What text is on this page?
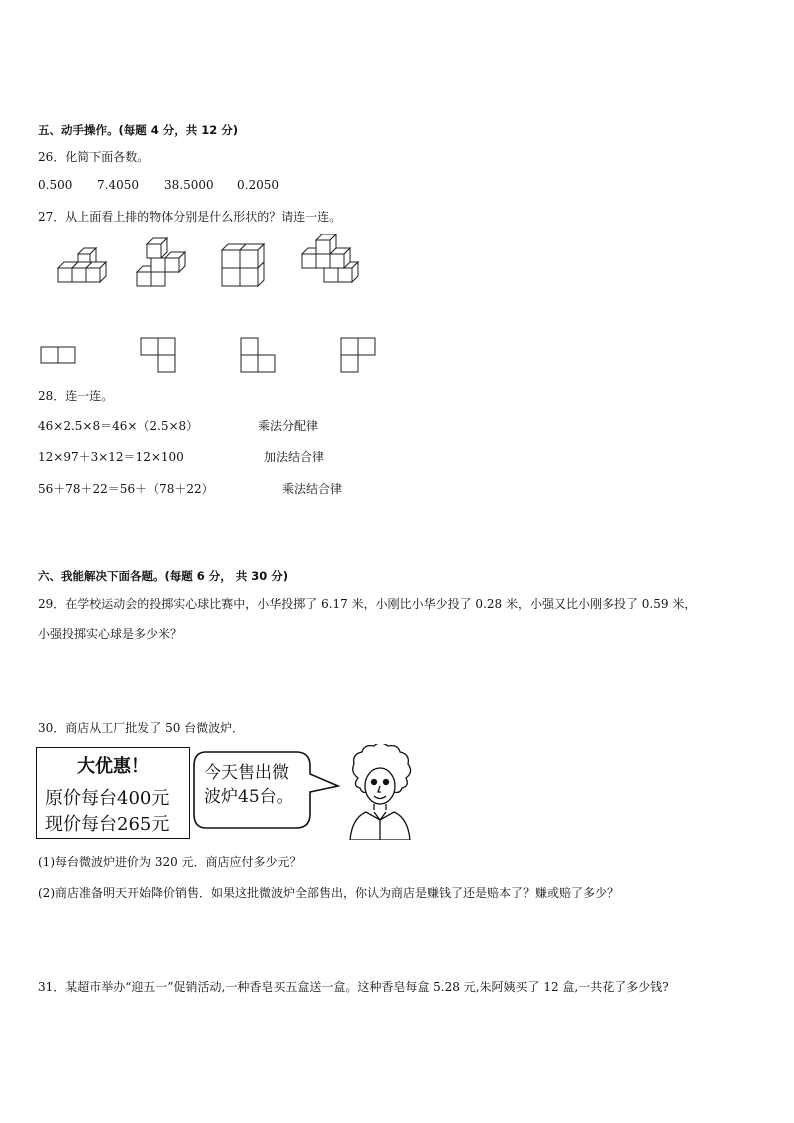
五、动手操作。(每题 4 分，共 12 分)
26．化简下面各数。
0.500 7.4050 38.5000 0.2050
27．从上面看上排的物体分别是什么形状的？请连一连。
28．连一连。
46×2.5×8＝46×（2.5×8）
12×97＋3×12＝12×100
56＋78＋22＝56＋（78＋22）
乘法分配律
加法结合律
乘法结合律
六、我能解决下面各题。(每题 6 分， 共 30 分)
29．在学校运动会的投掷实心球比赛中，小华投掷了 6.17 米，小刚比小华少投了 0.28 米，小强又比小刚多投了 0.59 米，
小强投掷实心球是多少米？
30．商店从工厂批发了 50 台微波炉．
大优惠！
原价每台400元
现价每台265元
今天售出微
波炉45台。
(1)每台微波炉进价为 320 元．商店应付多少元？
(2)商店准备明天开始降价销售．如果这批微波炉全部售出，你认为商店是赚钱了还是赔本了？赚或赔了多少？
31．某超市举办“迎五一”促销活动,一种香皂买五盒送一盒。这种香皂每盒 5.28 元,朱阿姨买了 12 盒,一共花了多少钱?
